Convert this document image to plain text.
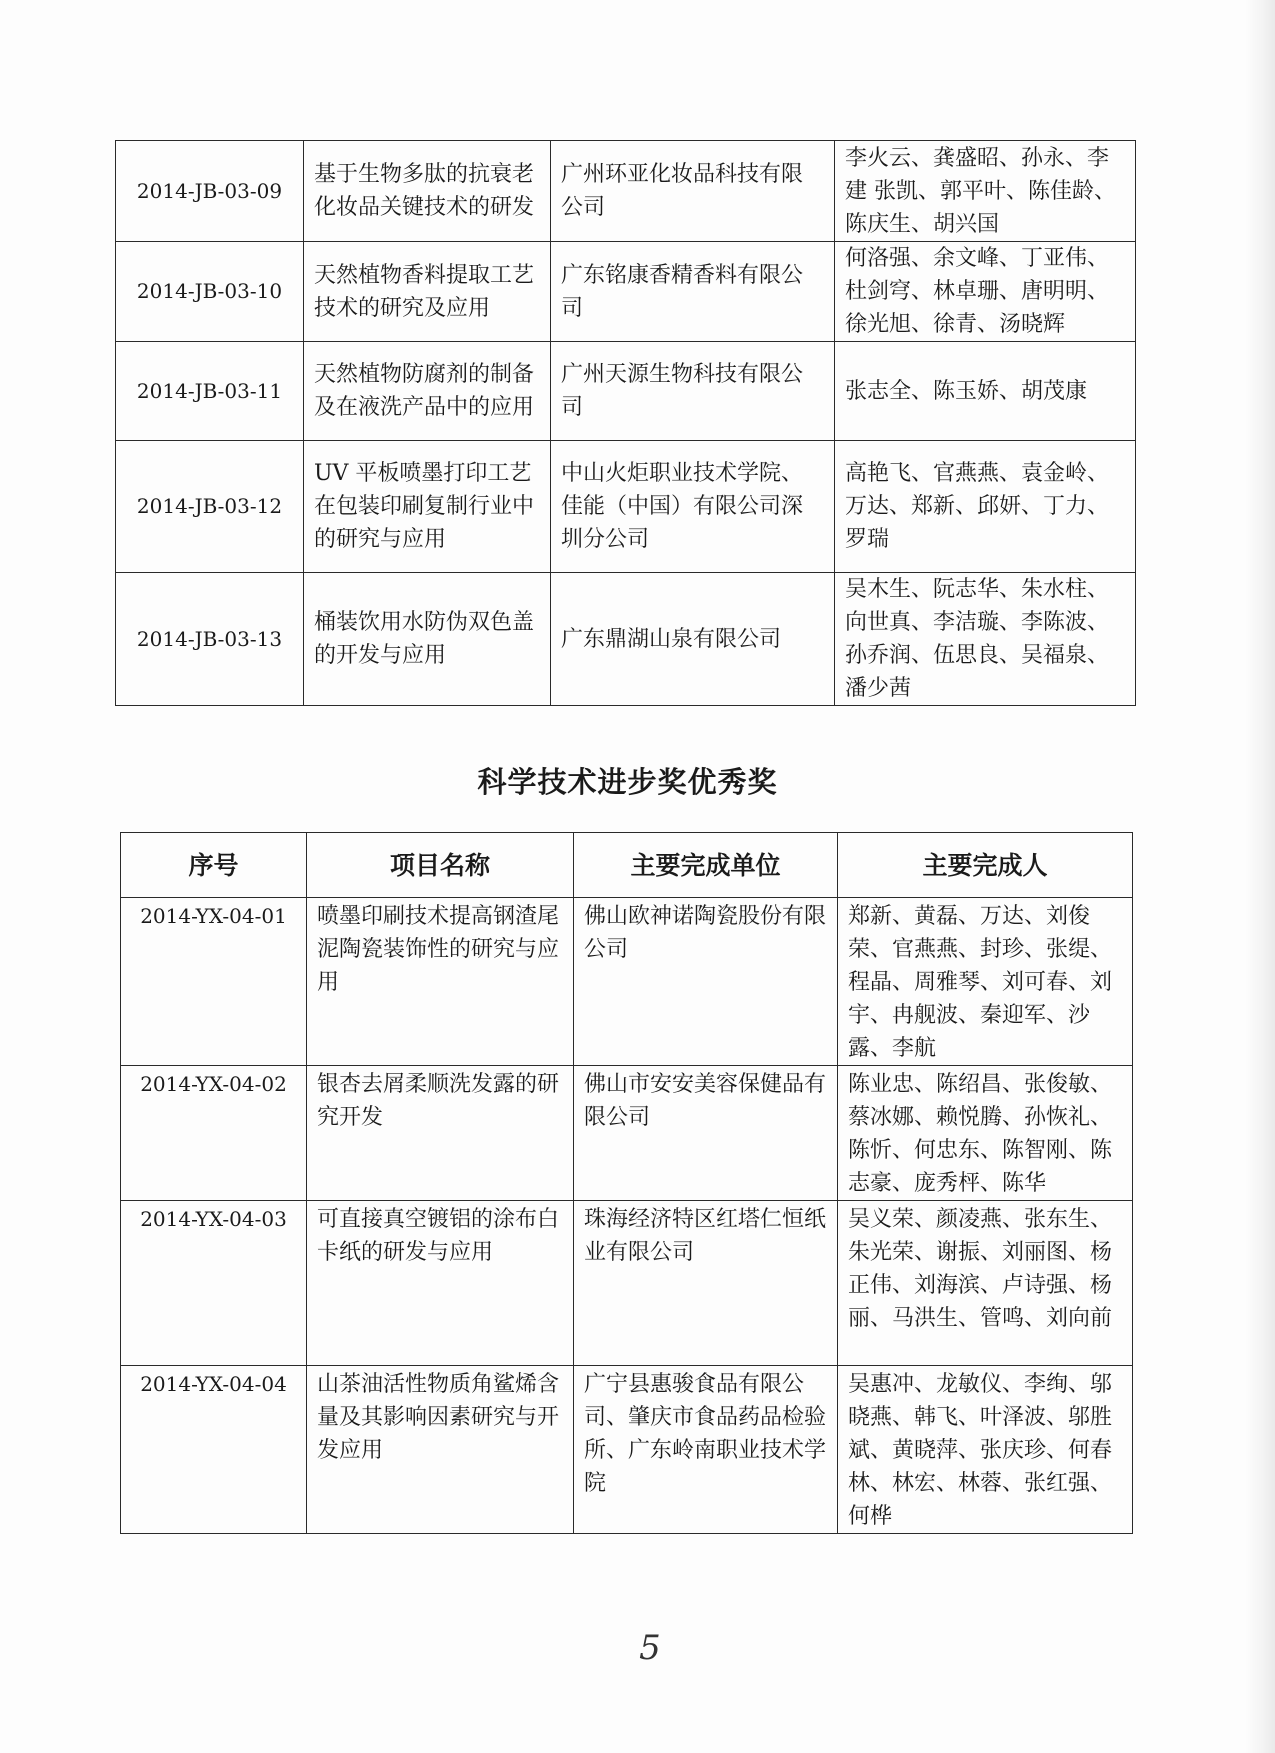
2014-JB-03-09	基于生物多肽的抗衰老化妆品关键技术的研发	广州环亚化妆品科技有限公司	李火云、龚盛昭、孙永、李建 张凯、郭平叶、陈佳龄、陈庆生、胡兴国
2014-JB-03-10	天然植物香料提取工艺技术的研究及应用	广东铭康香精香料有限公司	何洛强、余文峰、丁亚伟、杜剑穹、林卓珊、唐明明、徐光旭、徐青、汤晓辉
2014-JB-03-11	天然植物防腐剂的制备及在液洗产品中的应用	广州天源生物科技有限公司	张志全、陈玉娇、胡茂康
2014-JB-03-12	UV 平板喷墨打印工艺在包装印刷复制行业中的研究与应用	中山火炬职业技术学院、佳能（中国）有限公司深圳分公司	高艳飞、官燕燕、袁金岭、万达、郑新、邱妍、丁力、罗瑞
2014-JB-03-13	桶装饮用水防伪双色盖的开发与应用	广东鼎湖山泉有限公司	吴木生、阮志华、朱水柱、向世真、李洁璇、李陈波、孙乔润、伍思良、吴福泉、潘少茜
科学技术进步奖优秀奖
序号	项目名称	主要完成单位	主要完成人
2014-YX-04-01	喷墨印刷技术提高钢渣尾泥陶瓷装饰性的研究与应用	佛山欧神诺陶瓷股份有限公司	郑新、黄磊、万达、刘俊荣、官燕燕、封珍、张缇、程晶、周雅琴、刘可春、刘宇、冉舰波、秦迎军、沙露、李航
2014-YX-04-02	银杏去屑柔顺洗发露的研究开发	佛山市安安美容保健品有限公司	陈业忠、陈绍昌、张俊敏、蔡冰娜、赖悦腾、孙恢礼、陈忻、何忠东、陈智刚、陈志豪、庞秀枰、陈华
2014-YX-04-03	可直接真空镀铝的涂布白卡纸的研发与应用	珠海经济特区红塔仁恒纸业有限公司	吴义荣、颜凌燕、张东生、朱光荣、谢振、刘丽图、杨正伟、刘海滨、卢诗强、杨丽、马洪生、管鸣、刘向前
2014-YX-04-04	山茶油活性物质角鲨烯含量及其影响因素研究与开发应用	广宁县惠骏食品有限公司、肇庆市食品药品检验所、广东岭南职业技术学院	吴惠冲、龙敏仪、李绚、邬晓燕、韩飞、叶泽波、邬胜斌、黄晓萍、张庆珍、何春林、林宏、林蓉、张红强、何桦
5
